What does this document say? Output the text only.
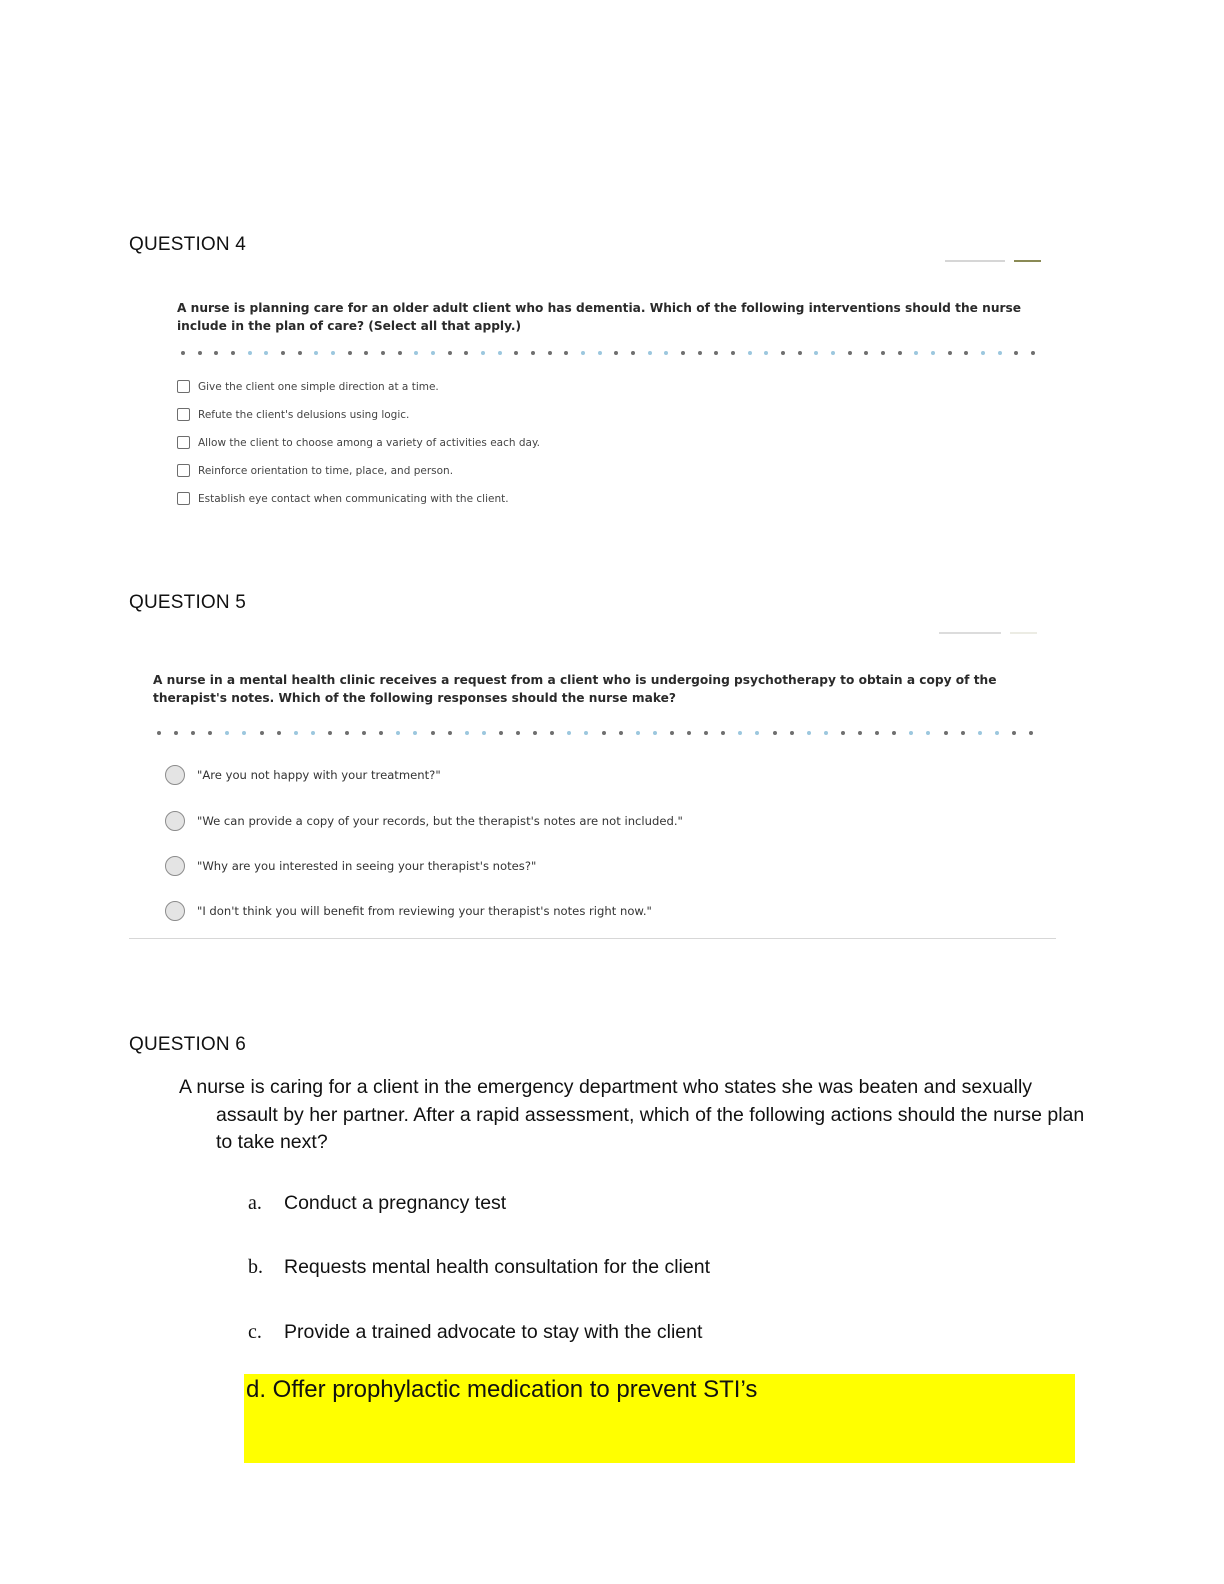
QUESTION 4
A nurse is planning care for an older adult client who has dementia. Which of the following interventions should the nurse include in the plan of care? (Select all that apply.)
Give the client one simple direction at a time.
Refute the client's delusions using logic.
Allow the client to choose among a variety of activities each day.
Reinforce orientation to time, place, and person.
Establish eye contact when communicating with the client.
QUESTION 5
A nurse in a mental health clinic receives a request from a client who is undergoing psychotherapy to obtain a copy of the therapist's notes. Which of the following responses should the nurse make?
"Are you not happy with your treatment?"
"We can provide a copy of your records, but the therapist's notes are not included."
"Why are you interested in seeing your therapist's notes?"
"I don't think you will benefit from reviewing your therapist's notes right now."
QUESTION 6
A nurse is caring for a client in the emergency department who states she was beaten and sexually assault by her partner. After a rapid assessment, which of the following actions should the nurse plan to take next?
a.	Conduct a pregnancy test
b.	Requests mental health consultation for the client
c.	Provide a trained advocate to stay with the client
d. Offer prophylactic medication to prevent STI’s
